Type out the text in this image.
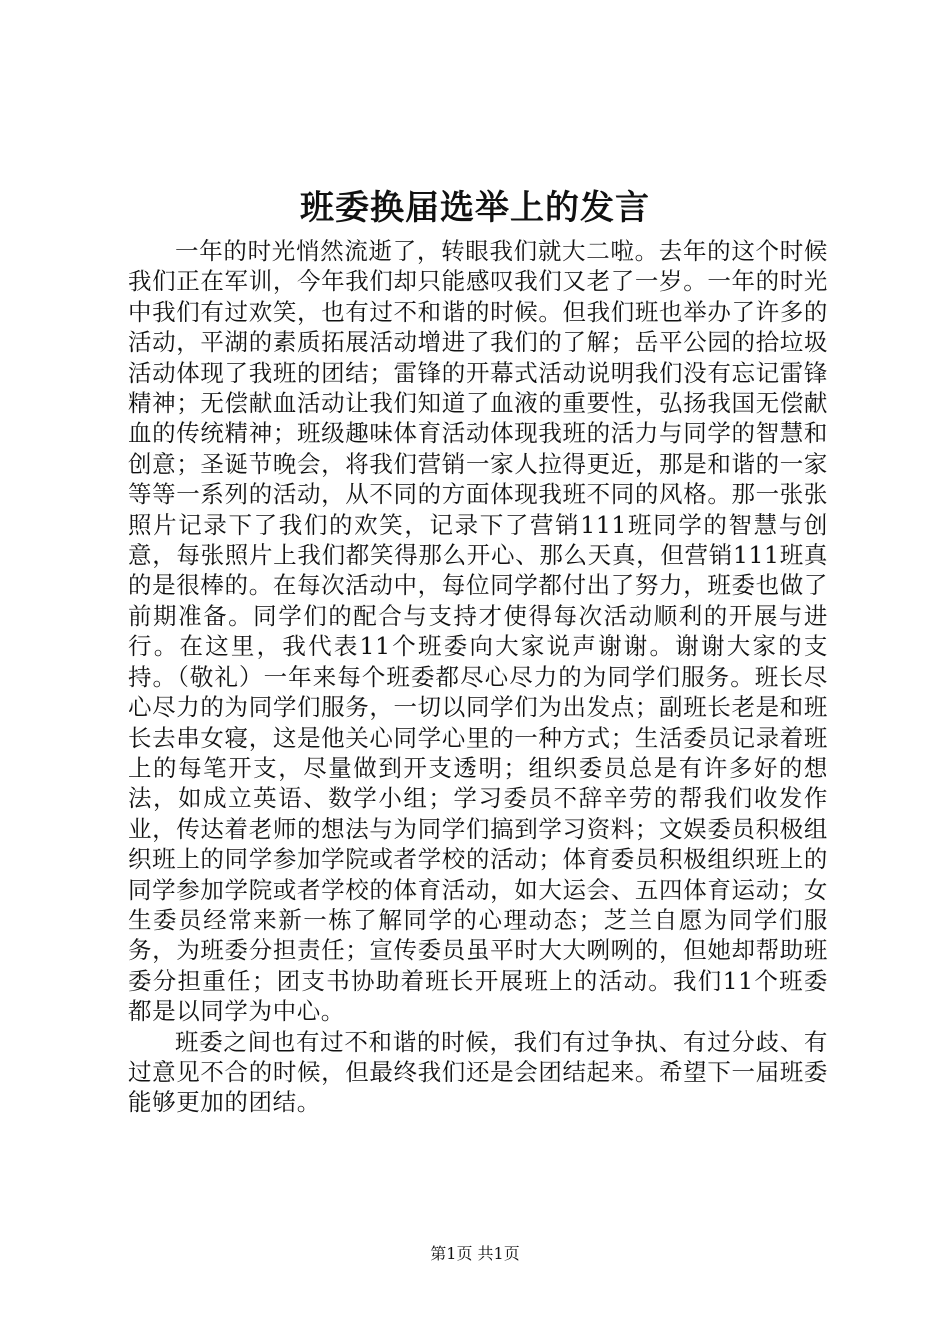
班委换届选举上的发言

一年的时光悄然流逝了，转眼我们就大二啦。去年的这个时候我们正在军训，今年我们却只能感叹我们又老了一岁。一年的时光中我们有过欢笑，也有过不和谐的时候。但我们班也举办了许多的活动，平湖的素质拓展活动增进了我们的了解；岳平公园的拾垃圾活动体现了我班的团结；雷锋的开幕式活动说明我们没有忘记雷锋精神；无偿献血活动让我们知道了血液的重要性，弘扬我国无偿献血的传统精神；班级趣味体育活动体现我班的活力与同学的智慧和创意；圣诞节晚会，将我们营销一家人拉得更近，那是和谐的一家等等一系列的活动，从不同的方面体现我班不同的风格。那一张张照片记录下了我们的欢笑，记录下了营销111班同学的智慧与创意，每张照片上我们都笑得那么开心、那么天真，但营销111班真的是很棒的。在每次活动中，每位同学都付出了努力，班委也做了前期准备。同学们的配合与支持才使得每次活动顺利的开展与进行。在这里，我代表11个班委向大家说声谢谢。谢谢大家的支持。（敬礼）一年来每个班委都尽心尽力的为同学们服务。班长尽心尽力的为同学们服务，一切以同学们为出发点；副班长老是和班长去串女寝，这是他关心同学心里的一种方式；生活委员记录着班上的每笔开支，尽量做到开支透明；组织委员总是有许多好的想法，如成立英语、数学小组；学习委员不辞辛劳的帮我们收发作业，传达着老师的想法与为同学们搞到学习资料；文娱委员积极组织班上的同学参加学院或者学校的活动；体育委员积极组织班上的同学参加学院或者学校的体育活动，如大运会、五四体育运动；女生委员经常来新一栋了解同学的心理动态；芝兰自愿为同学们服务，为班委分担责任；宣传委员虽平时大大咧咧的，但她却帮助班委分担重任；团支书协助着班长开展班上的活动。我们11个班委都是以同学为中心。

班委之间也有过不和谐的时候，我们有过争执、有过分歧、有过意见不合的时候，但最终我们还是会团结起来。希望下一届班委能够更加的团结。

第1页 共1页
